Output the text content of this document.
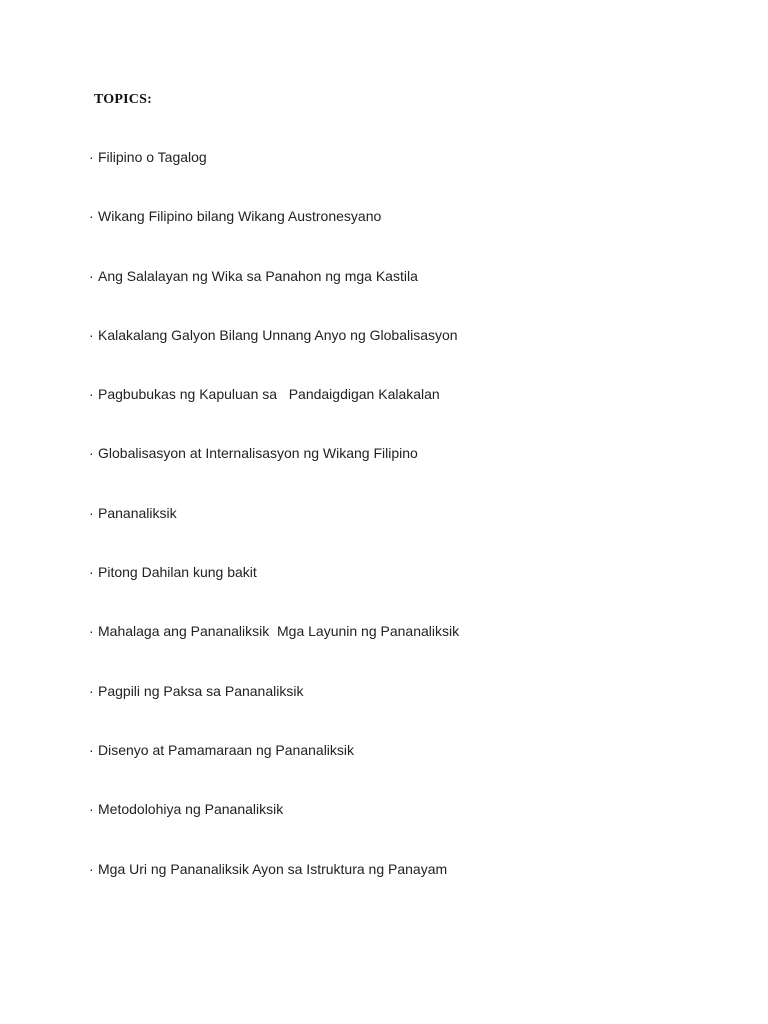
TOPICS:
· Filipino o Tagalog
· Wikang Filipino bilang Wikang Austronesyano
· Ang Salalayan ng Wika sa Panahon ng mga Kastila
· Kalakalang Galyon Bilang Unnang Anyo ng Globalisasyon
· Pagbubukas ng Kapuluan sa   Pandaigdigan Kalakalan
· Globalisasyon at Internalisasyon ng Wikang Filipino
· Pananaliksik
· Pitong Dahilan kung bakit
· Mahalaga ang Pananaliksik  Mga Layunin ng Pananaliksik
· Pagpili ng Paksa sa Pananaliksik
· Disenyo at Pamamaraan ng Pananaliksik
· Metodolohiya ng Pananaliksik
· Mga Uri ng Pananaliksik Ayon sa Istruktura ng Panayam
